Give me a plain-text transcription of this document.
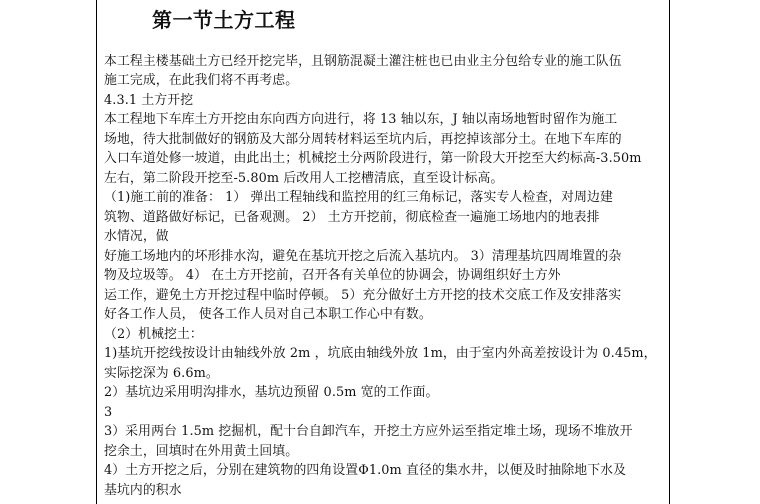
第一节土方工程
本工程主楼基础土方已经开挖完毕，且钢筋混凝土灌注桩也已由业主分包给专业的施工队伍
施工完成，在此我们将不再考虑。
4.3.1 土方开挖
本工程地下车库土方开挖由东向西方向进行，将 13 轴以东，J 轴以南场地暂时留作为施工
场地，待大批制做好的钢筋及大部分周转材料运至坑内后，再挖掉该部分土。在地下车库的
入口车道处修一坡道，由此出土；机械挖土分两阶段进行，第一阶段大开挖至大约标高-3.50m
左右，第二阶段开挖至-5.80m 后改用人工挖槽清底，直至设计标高。
（1)施工前的准备： 1） 弹出工程轴线和监控用的红三角标记，落实专人检查，对周边建
筑物、道路做好标记，已备观测。 2） 土方开挖前，彻底检查一遍施工场地内的地表排
水情况，做
好施工场地内的坏形排水沟，避免在基坑开挖之后流入基坑内。 3）清理基坑四周堆置的杂
物及垃圾等。 4） 在土方开挖前，召开各有关单位的协调会，协调组织好土方外
运工作，避免土方开挖过程中临时停顿。 5）充分做好土方开挖的技术交底工作及安排落实
好各工作人员， 使各工作人员对自己本职工作心中有数。
（2）机械挖土：
1)基坑开挖线按设计由轴线外放 2m ，坑底由轴线外放 1m，由于室内外高差按设计为 0.45m，
实际挖深为 6.6m。
2）基坑边采用明沟排水，基坑边预留 0.5m 宽的工作面。
3
3）采用两台 1.5m 挖掘机，配十台自卸汽车，开挖土方应外运至指定堆土场，现场不堆放开
挖余土，回填时在外用黄土回填。
4）土方开挖之后，分别在建筑物的四角设置Φ1.0m 直径的集水井，以便及时抽除地下水及
基坑内的积水
